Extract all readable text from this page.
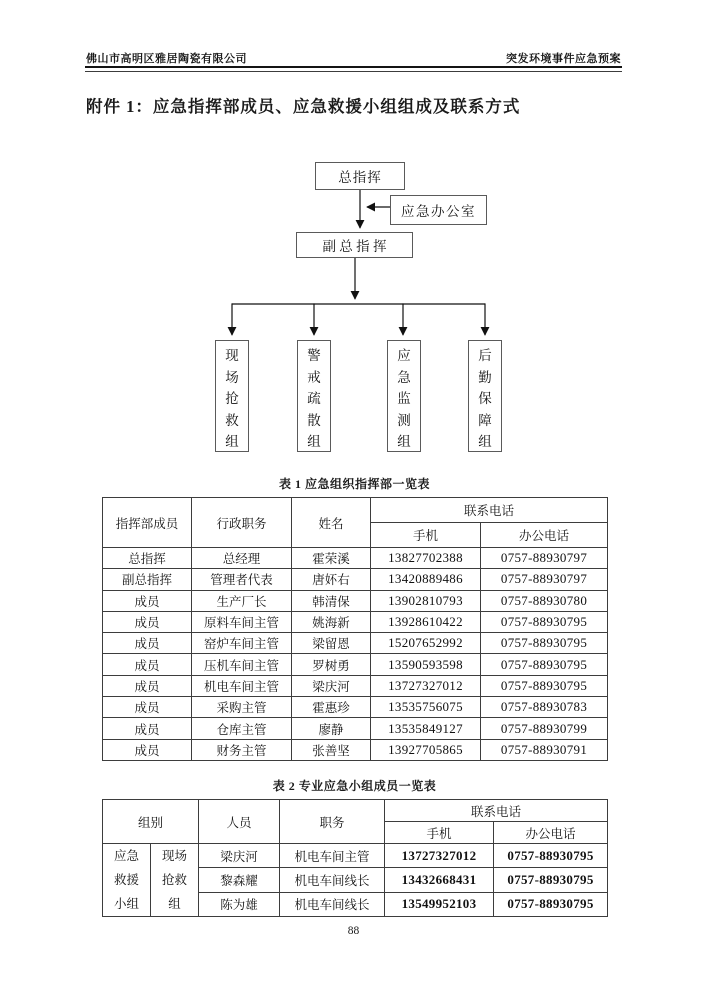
佛山市高明区雅居陶瓷有限公司	突发环境事件应急预案
附件 1：应急指挥部成员、应急救援小组组成及联系方式
总指挥
应急办公室
副 总 指 挥
现场抢救组
警戒疏散组
应急监测组
后勤保障组
表 1 应急组织指挥部一览表
指挥部成员	行政职务	姓名	联系电话	
			手机	办公电话
总指挥	总经理	霍荣溪	13827702388	0757-88930797
副总指挥	管理者代表	唐妚右	13420889486	0757-88930797
成员	生产厂长	韩清保	13902810793	0757-88930780
成员	原料车间主管	姚海新	13928610422	0757-88930795
成员	窑炉车间主管	梁留恩	15207652992	0757-88930795
成员	压机车间主管	罗树勇	13590593598	0757-88930795
成员	机电车间主管	梁庆河	13727327012	0757-88930795
成员	采购主管	霍惠珍	13535756075	0757-88930783
成员	仓库主管	廖静	13535849127	0757-88930799
成员	财务主管	张善坚	13927705865	0757-88930791
表 2 专业应急小组成员一览表
组别		人员	职务	联系电话	
				手机	办公电话
应急救援小组	现场抢救组	梁庆河	机电车间主管	13727327012	0757-88930795
		黎森耀	机电车间线长	13432668431	0757-88930795
		陈为雄	机电车间线长	13549952103	0757-88930795
88
